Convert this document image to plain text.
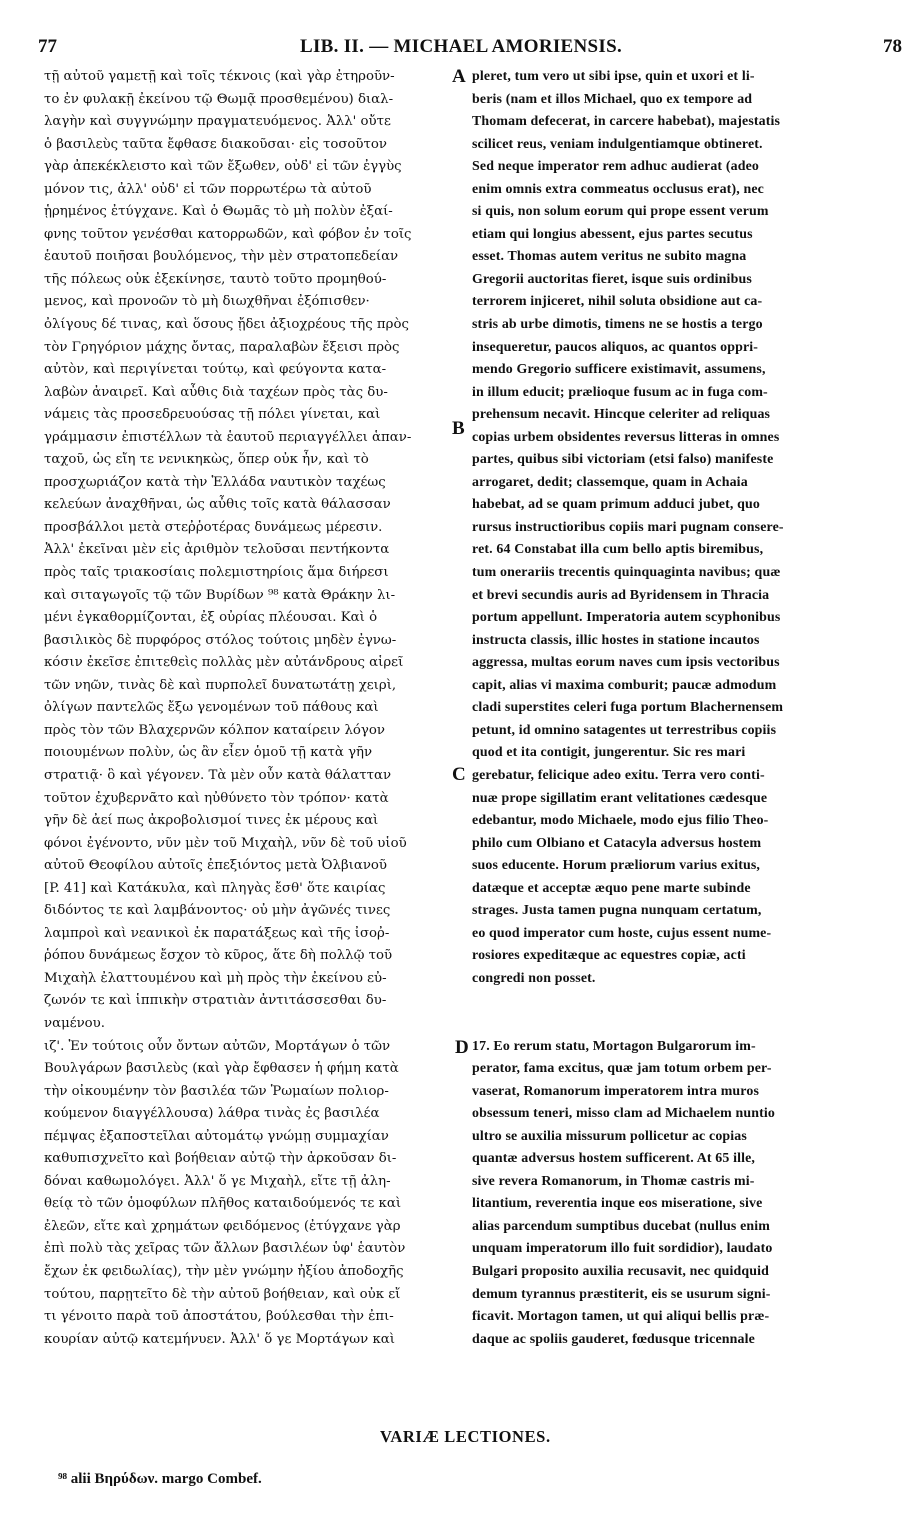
77	LIB. II. — MICHAEL AMORIENSIS.	78
τῇ αὐτοῦ γαμετῇ καὶ τοῖς τέκνοις (καὶ γὰρ ἐτηροῦν-
το ἐν φυλακῇ ἐκείνου τῷ Θωμᾷ προσθεμένου) διαλ-
λαγὴν καὶ συγγνώμην πραγματευόμενος. Ἀλλ' οὔτε
ὁ βασιλεὺς ταῦτα ἔφθασε διακοῦσαι· εἰς τοσοῦτον
γὰρ ἀπεκέκλειστο καὶ τῶν ἔξωθεν, οὐδ' εἰ τῶν ἐγγὺς
μόνον τις, ἀλλ' οὐδ' εἰ τῶν πορρωτέρω τὰ αὐτοῦ
ᾑρημένος ἐτύγχανε. Καὶ ὁ Θωμᾶς τὸ μὴ πολὺν ἐξαί-
φνης τοῦτον γενέσθαι κατορρωδῶν, καὶ φόβον ἐν τοῖς
ἑαυτοῦ ποιῆσαι βουλόμενος, τὴν μὲν στρατοπεδείαν
τῆς πόλεως οὐκ ἐξεκίνησε, ταυτὸ τοῦτο προμηθού-
μενος, καὶ προνοῶν τὸ μὴ διωχθῆναι ἐξόπισθεν·
ὀλίγους δέ τινας, καὶ ὅσους ᾔδει ἀξιοχρέους τῆς πρὸς
τὸν Γρηγόριον μάχης ὄντας, παραλαβὼν ἔξεισι πρὸς
αὐτὸν, καὶ περιγίνεται τούτῳ, καὶ φεύγοντα κατα-
λαβὼν ἀναιρεῖ. Καὶ αὖθις διὰ ταχέων πρὸς τὰς δυ-
νάμεις τὰς προσεδρευούσας τῇ πόλει γίνεται, καὶ
γράμμασιν ἐπιστέλλων τὰ ἑαυτοῦ περιαγγέλλει ἁπαν-
ταχοῦ, ὡς εἴη τε νενικηκὼς, ὅπερ οὐκ ἦν, καὶ τὸ
προσχωριάζον κατὰ τὴν Ἑλλάδα ναυτικὸν ταχέως
κελεύων ἀναχθῆναι, ὡς αὖθις τοῖς κατὰ θάλασσαν
προσβάλλοι μετὰ στεῤῥοτέρας δυνάμεως μέρεσιν.
Ἀλλ' ἐκεῖναι μὲν εἰς ἀριθμὸν τελοῦσαι πεντήκοντα
πρὸς ταῖς τριακοσίαις πολεμιστηρίοις ἅμα διήρεσι
καὶ σιταγωγοῖς τῷ τῶν Βυρίδων ⁹⁸ κατὰ Θράκην λι-
μένι ἐγκαθορμίζονται, ἐξ οὐρίας πλέουσαι. Καὶ ὁ
βασιλικὸς δὲ πυρφόρος στόλος τούτοις μηδὲν ἐγνω-
κόσιν ἐκεῖσε ἐπιτεθεὶς πολλὰς μὲν αὐτάνδρους αἱρεῖ
τῶν νηῶν, τινὰς δὲ καὶ πυρπολεῖ δυνατωτάτῃ χειρὶ,
ὀλίγων παντελῶς ἔξω γενομένων τοῦ πάθους καὶ
πρὸς τὸν τῶν Βλαχερνῶν κόλπον καταίρειν λόγον
ποιουμένων πολὺν, ὡς ἂν εἶεν ὁμοῦ τῇ κατὰ γῆν
στρατιᾷ· ὃ καὶ γέγονεν. Τὰ μὲν οὖν κατὰ θάλατταν
τοῦτον ἐχυβερνᾶτο καὶ ηὐθύνετο τὸν τρόπον· κατὰ
γῆν δὲ ἀεί πως ἀκροβολισμοί τινες ἐκ μέρους καὶ
φόνοι ἐγένοντο, νῦν μὲν τοῦ Μιχαὴλ, νῦν δὲ τοῦ υἱοῦ
αὐτοῦ Θεοφίλου αὐτοῖς ἐπεξιόντος μετὰ Ὀλβιανοῦ
[P. 41] καὶ Κατάκυλα, καὶ πληγὰς ἔσθ' ὅτε καιρίας
διδόντος τε καὶ λαμβάνοντος· οὐ μὴν ἀγῶνές τινες
λαμπροὶ καὶ νεανικοὶ ἐκ παρατάξεως καὶ τῆς ἰσοῤ-
ῥόπου δυνάμεως ἔσχον τὸ κῦρος, ἅτε δὴ πολλῷ τοῦ
Μιχαὴλ ἐλαττουμένου καὶ μὴ πρὸς τὴν ἐκείνου εὐ-
ζωνόν τε καὶ ἱππικὴν στρατιὰν ἀντιτάσσεσθαι δυ-
ναμένου.
ιζ'. Ἐν τούτοις οὖν ὄντων αὐτῶν, Μορτάγων ὁ τῶν
Βουλγάρων βασιλεὺς (καὶ γὰρ ἔφθασεν ἡ φήμη κατὰ
τὴν οἰκουμένην τὸν βασιλέα τῶν Ῥωμαίων πολιορ-
κούμενον διαγγέλλουσα) λάθρα τινὰς ἐς βασιλέα
πέμψας ἐξαποστεῖλαι αὐτομάτῳ γνώμῃ συμμαχίαν
καθυπισχνεῖτο καὶ βοήθειαν αὐτῷ τὴν ἀρκοῦσαν δι-
δόναι καθωμολόγει. Ἀλλ' ὅ γε Μιχαὴλ, εἴτε τῇ ἀλη-
θείᾳ τὸ τῶν ὁμοφύλων πλῆθος καταιδούμενός τε καὶ
ἐλεῶν, εἴτε καὶ χρημάτων φειδόμενος (ἐτύγχανε γὰρ
ἐπὶ πολὺ τὰς χεῖρας τῶν ἄλλων βασιλέων ὑφ' ἑαυτὸν
ἔχων ἐκ φειδωλίας), τὴν μὲν γνώμην ἠξίου ἀποδοχῆς
τούτου, παρῃτεῖτο δὲ τὴν αὐτοῦ βοήθειαν, καὶ οὐκ εἴ
τι γένοιτο παρὰ τοῦ ἀποστάτου, βούλεσθαι τὴν ἐπι-
κουρίαν αὐτῷ κατεμήνυεν. Ἀλλ' ὅ γε Μορτάγων καὶ
pleret, tum vero ut sibi ipse, quin et uxori et li-
beris (nam et illos Michael, quo ex tempore ad
Thomam defecerat, in carcere habebat), majestatis
scilicet reus, veniam indulgentiamque obtineret.
Sed neque imperator rem adhuc audierat (adeo
enim omnis extra commeatus occlusus erat), nec
si quis, non solum eorum qui prope essent verum
etiam qui longius abessent, ejus partes secutus
esset. Thomas autem veritus ne subito magna
Gregorii auctoritas fieret, isque suis ordinibus
terrorem injiceret, nihil soluta obsidione aut ca-
stris ab urbe dimotis, timens ne se hostis a tergo
insequeretur, paucos aliquos, ac quantos oppri-
mendo Gregorio sufficere existimavit, assumens,
in illum educit; prælioque fusum ac in fuga com-
prehensum necavit. Hincque celeriter ad reliquas
copias urbem obsidentes reversus litteras in omnes
partes, quibus sibi victoriam (etsi falso) manifeste
arrogaret, dedit; classemque, quam in Achaia
habebat, ad se quam primum adduci jubet, quo
rursus instructioribus copiis mari pugnam consere-
ret. 64 Constabat illa cum bello aptis biremibus,
tum onerariis trecentis quinquaginta navibus; quæ
et brevi secundis auris ad Byridensem in Thracia
portum appellunt. Imperatoria autem scyphonibus
instructa classis, illic hostes in statione incautos
aggressa, multas eorum naves cum ipsis vectoribus
capit, alias vi maxima comburit; paucæ admodum
cladi superstites celeri fuga portum Blachernensem
petunt, id omnino satagentes ut terrestribus copiis
quod et ita contigit, jungerentur. Sic res mari
gerebatur, felicique adeo exitu. Terra vero conti-
nuæ prope sigillatim erant velitationes cædesque
edebantur, modo Michaele, modo ejus filio Theo-
philo cum Olbiano et Catacyla adversus hostem
suos educente. Horum præliorum varius exitus,
datæque et acceptæ æquo pene marte subinde
strages. Justa tamen pugna nunquam certatum,
eo quod imperator cum hoste, cujus essent nume-
rosiores expeditæque ac equestres copiæ, acti
congredi non posset.
17. Eo rerum statu, Mortagon Bulgarorum im-
perator, fama excitus, quæ jam totum orbem per-
vaserat, Romanorum imperatorem intra muros
obsessum teneri, misso clam ad Michaelem nuntio
ultro se auxilia missurum pollicetur ac copias
quantæ adversus hostem sufficerent. At 65 ille,
sive revera Romanorum, in Thomæ castris mi-
litantium, reverentia inque eos miseratione, sive
alias parcendum sumptibus ducebat (nullus enim
unquam imperatorum illo fuit sordidior), laudato
Bulgari proposito auxilia recusavit, nec quidquid
demum tyrannus præstiterit, eis se usurum signi-
ficavit. Mortagon tamen, ut qui aliqui bellis præ-
daque ac spoliis gauderet, fœdusque tricennale
A
B
C
D
VARIÆ LECTIONES.
⁹⁸ alii Βηρύδων. margo Combef.
